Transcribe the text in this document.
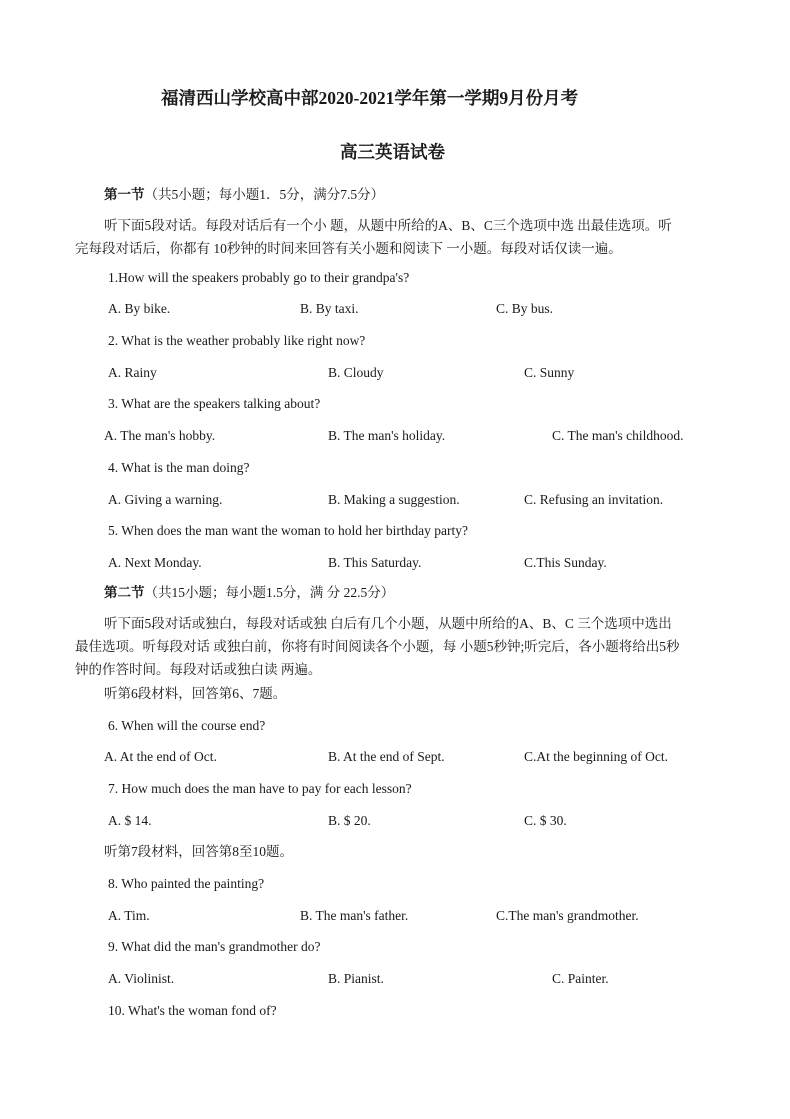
福清西山学校高中部2020-2021学年第一学期9月份月考
高三英语试卷
第一节（共5小题；每小题1．5分，满分7.5分）
听下面5段对话。每段对话后有一个小 题，从题中所给的A、B、C三个选项中选 出最佳选项。听完每段对话后，你都有 10秒钟的时间来回答有关小题和阅读下 一小题。每段对话仅读一遍。
1.How will the speakers probably go to their grandpa's?
A. By bike.	B. By taxi.	C. By bus.
2. What is the weather probably like right now?
A. Rainy	B. Cloudy	C. Sunny
3. What are the speakers talking about?
A. The man's hobby.	B. The man's holiday.	C. The man's childhood.
4. What is the man doing?
A. Giving a warning.	B. Making a suggestion.	C. Refusing an invitation.
5. When does the man want the woman to hold her birthday party?
A. Next Monday.	B. This Saturday.	C.This Sunday.
第二节（共15小题；每小题1.5分，满 分 22.5分）
听下面5段对话或独白，每段对话或独 白后有几个小题，从题中所给的A、B、C 三个选项中选出最佳选项。听每段对话 或独白前，你将有时间阅读各个小题，每 小题5秒钟;听完后，各小题将给出5秒 钟的作答时间。每段对话或独白读 两遍。
听第6段材料，回答第6、7题。
6. When will the course end?
A. At the end of Oct.	B. At the end of Sept.	C.At the beginning of Oct.
7. How much does the man have to pay for each lesson?
A. $ 14.	B. $ 20.	C. $ 30.
听第7段材料，回答第8至10题。
8. Who painted the painting?
A. Tim.	B. The man's father.	C.The man's grandmother.
9. What did the man's grandmother do?
A. Violinist.	B. Pianist.	C. Painter.
10. What's the woman fond of?
